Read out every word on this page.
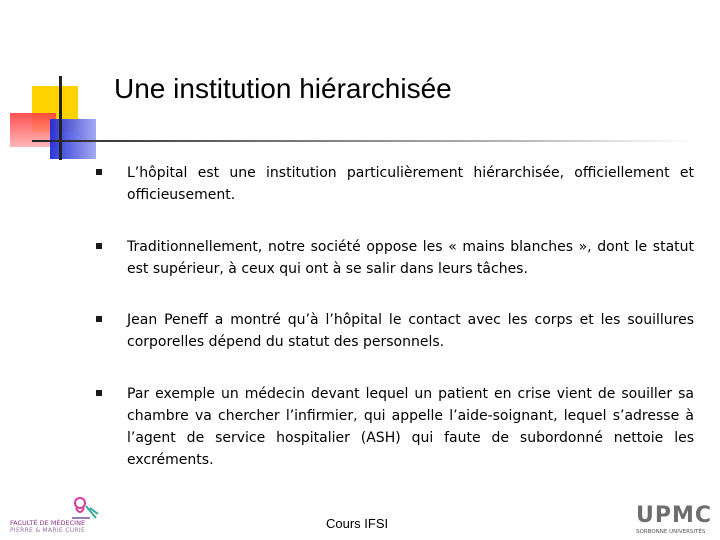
Une institution hiérarchisée
L’hôpital est une institution particulièrement hiérarchisée, officiellement et officieusement.
Traditionnellement, notre société oppose les « mains blanches », dont le statut est supérieur, à ceux qui ont à se salir dans leurs tâches.
Jean Peneff a montré qu’à l’hôpital le contact avec les corps et les souillures corporelles dépend du statut des personnels.
Par exemple un médecin devant lequel un patient en crise vient de souiller sa chambre va chercher l’infirmier, qui appelle l’aide-soignant, lequel s’adresse à l’agent de service hospitalier (ASH) qui faute de subordonné nettoie les excréments.
FACULTÉ DE MÉDECINE
PIERRE & MARIE CURIE	Cours IFSI	UPMC
SORBONNE UNIVERSITÉS
